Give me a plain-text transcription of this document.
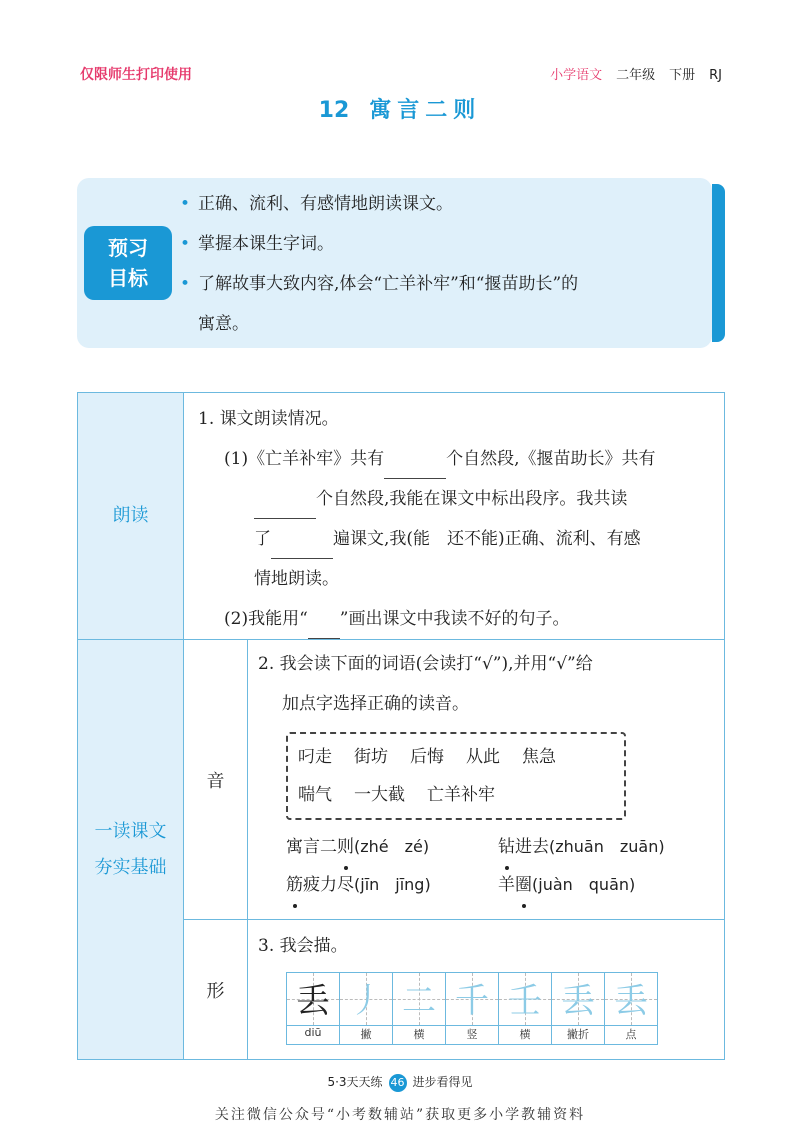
仅限师生打印使用	小学语文 二年级 下册 RJ
12 寓言二则
预习
目标
• 正确、流利、有感情地朗读课文。
• 掌握本课生字词。
• 了解故事大致内容,体会“亡羊补牢”和“揠苗助长”的
寓意。
朗读	
1. 课文朗读情况。
(1)《亡羊补牢》共有	个自然段,《揠苗助长》共有
个自然段,我能在课文中标出段序。我共读
了	遍课文,我(能　还不能)正确、流利、有感
情地朗读。
(2)我能用“ ”画出课文中我读不好的句子。

一读课文
夯实基础
	音	
2. 我会读下面的词语(会读打“√”),并用“√”给
加点字选择正确的读音。
叼走 街坊 后悔 从此 焦急
喘气 一大截 亡羊补牢
寓言二则(zhé　zé)	钻进去(zhuān　zuān)
筋疲力尽(jīn　jīng)	羊圈(juàn　quān)

形	
3. 我会描。
丢	丿	二	千	壬	丢	丢
diū	撇	横	竖	横	撇折	点
5·3天天练 46 进步看得见
关注微信公众号“小考数辅站”获取更多小学教辅资料
